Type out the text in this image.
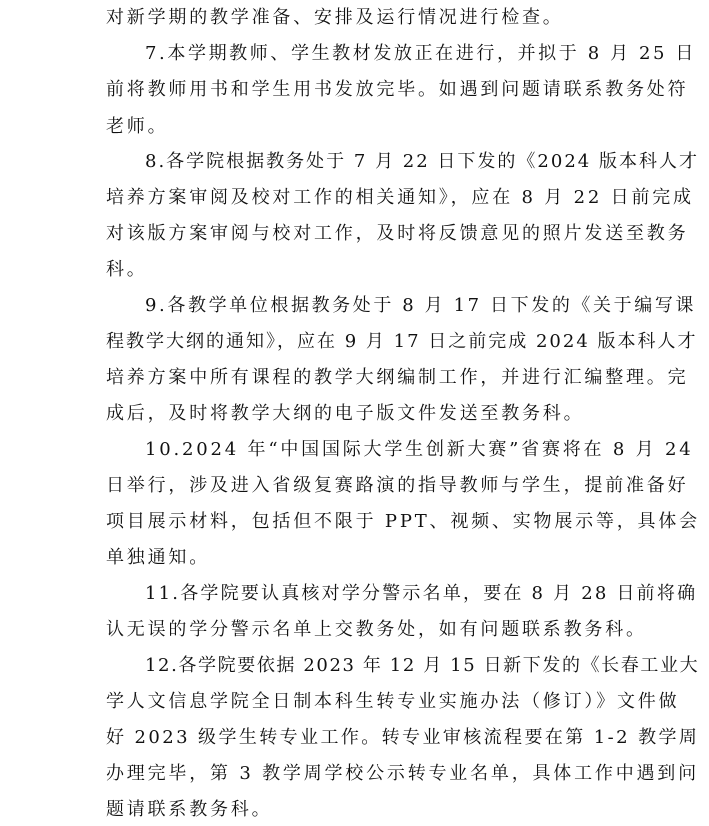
对新学期的教学准备、安排及运行情况进行检查。
7.本学期教师、学生教材发放正在进行，并拟于 8 月 25 日
前将教师用书和学生用书发放完毕。如遇到问题请联系教务处符
老师。
8.各学院根据教务处于 7 月 22 日下发的《2024 版本科人才
培养方案审阅及校对工作的相关通知》，应在 8 月 22 日前完成
对该版方案审阅与校对工作，及时将反馈意见的照片发送至教务
科。
9.各教学单位根据教务处于 8 月 17 日下发的《关于编写课
程教学大纲的通知》，应在 9 月 17 日之前完成 2024 版本科人才
培养方案中所有课程的教学大纲编制工作，并进行汇编整理。完
成后，及时将教学大纲的电子版文件发送至教务科。
10.2024 年“中国国际大学生创新大赛”省赛将在 8 月 24
日举行，涉及进入省级复赛路演的指导教师与学生，提前准备好
项目展示材料，包括但不限于 PPT、视频、实物展示等，具体会
单独通知。
11.各学院要认真核对学分警示名单，要在 8 月 28 日前将确
认无误的学分警示名单上交教务处，如有问题联系教务科。
12.各学院要依据 2023 年 12 月 15 日新下发的《长春工业大
学人文信息学院全日制本科生转专业实施办法（修订）》文件做
好 2023 级学生转专业工作。转专业审核流程要在第 1-2 教学周
办理完毕，第 3 教学周学校公示转专业名单，具体工作中遇到问
题请联系教务科。
